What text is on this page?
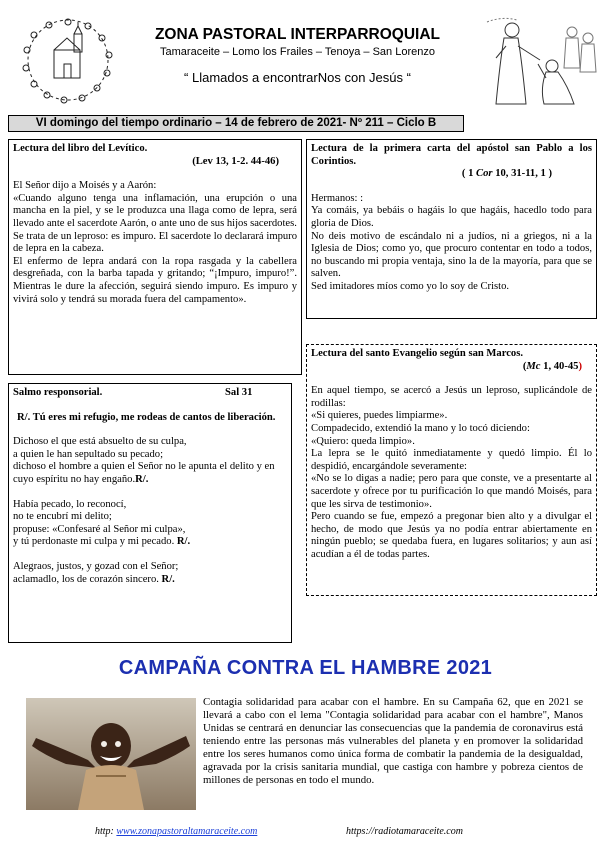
ZONA PASTORAL INTERPARROQUIAL
Tamaraceite – Lomo los Frailes – Tenoya – San Lorenzo
“ Llamados a encontrarNos con Jesús “
VI domingo del tiempo ordinario – 14 de febrero de 2021- Nº 211 – Ciclo B

Lectura del libro del Levítico.

(Lev 13, 1-2. 44-46)

El Señor dijo a Moisés y a Aarón:

«Cuando alguno tenga una inflamación, una erupción o una mancha en la piel, y se le produzca una llaga como de lepra, será llevado ante el sacerdote Aarón, o ante uno de sus hijos sacerdotes.

Se trata de un leproso: es impuro. El sacerdote lo declarará impuro de lepra en la cabeza.

El enfermo de lepra andará con la ropa rasgada y la cabellera desgreñada, con la barba tapada y gritando; “¡Impuro, impuro!”. Mientras le dure la afección, seguirá siendo impuro. Es impuro y vivirá solo y tendrá su morada fuera del campamento».

Lectura de la primera carta del apóstol san Pablo a los Corintios.

( 1 Cor 10, 31-11, 1 )

Hermanos: :

Ya comáis, ya bebáis o hagáis lo que hagáis, hacedlo todo para gloria de Dios.

No deis motivo de escándalo ni a judíos, ni a griegos, ni a la Iglesia de Dios; como yo, que procuro contentar en todo a todos, no buscando mi propia ventaja, sino la de la mayoría, para que se salven.

Sed imitadores míos como yo lo soy de Cristo.

Lectura del santo Evangelio según san Marcos.

(Mc 1, 40-45)

En aquel tiempo, se acercó a Jesús un leproso, suplicándole de rodillas:

«Si quieres, puedes limpiarme».

Compadecido, extendió la mano y lo tocó diciendo:

«Quiero: queda limpio».

La lepra se le quitó inmediatamente y quedó limpio. Él lo despidió, encargándole severamente:

«No se lo digas a nadie; pero para que conste, ve a presentarte al sacerdote y ofrece por tu purificación lo que mandó Moisés, para que les sirva de testimonio».

Pero cuando se fue, empezó a pregonar bien alto y a divulgar el hecho, de modo que Jesús ya no podía entrar abiertamente en ningún pueblo; se quedaba fuera, en lugares solitarios; y aun así acudían a él de todas partes.

Salmo responsorial.	Sal 31

R/. Tú eres mi refugio, me rodeas de cantos de liberación.

Dichoso el que está absuelto de su culpa,

a quien le han sepultado su pecado;

dichoso el hombre a quien el Señor no le apunta el delito y en cuyo espíritu no hay engaño.R/.

Había pecado, lo reconocí,

no te encubrí mi delito;

propuse: «Confesaré al Señor mi culpa»,

y tú perdonaste mi culpa y mi pecado. R/.

Alegraos, justos, y gozad con el Señor;

aclamadlo, los de corazón sincero. R/.

CAMPAÑA CONTRA EL HAMBRE 2021
Contagia solidaridad para acabar con el hambre. En su Campaña 62, que en 2021 se llevará a cabo con el lema "Contagia solidaridad para acabar con el hambre", Manos Unidas se centrará en denunciar las consecuencias que la pandemia de coronavirus está teniendo entre las personas más vulnerables del planeta y en promover la solidaridad entre los seres humanos como única forma de combatir la pandemia de la desigualdad, agravada por la crisis sanitaria mundial, que castiga con hambre y pobreza cientos de millones de personas en todo el mundo.
http: www.zonapastoraltamaraceite.com	https://radiotamaraceite.com
